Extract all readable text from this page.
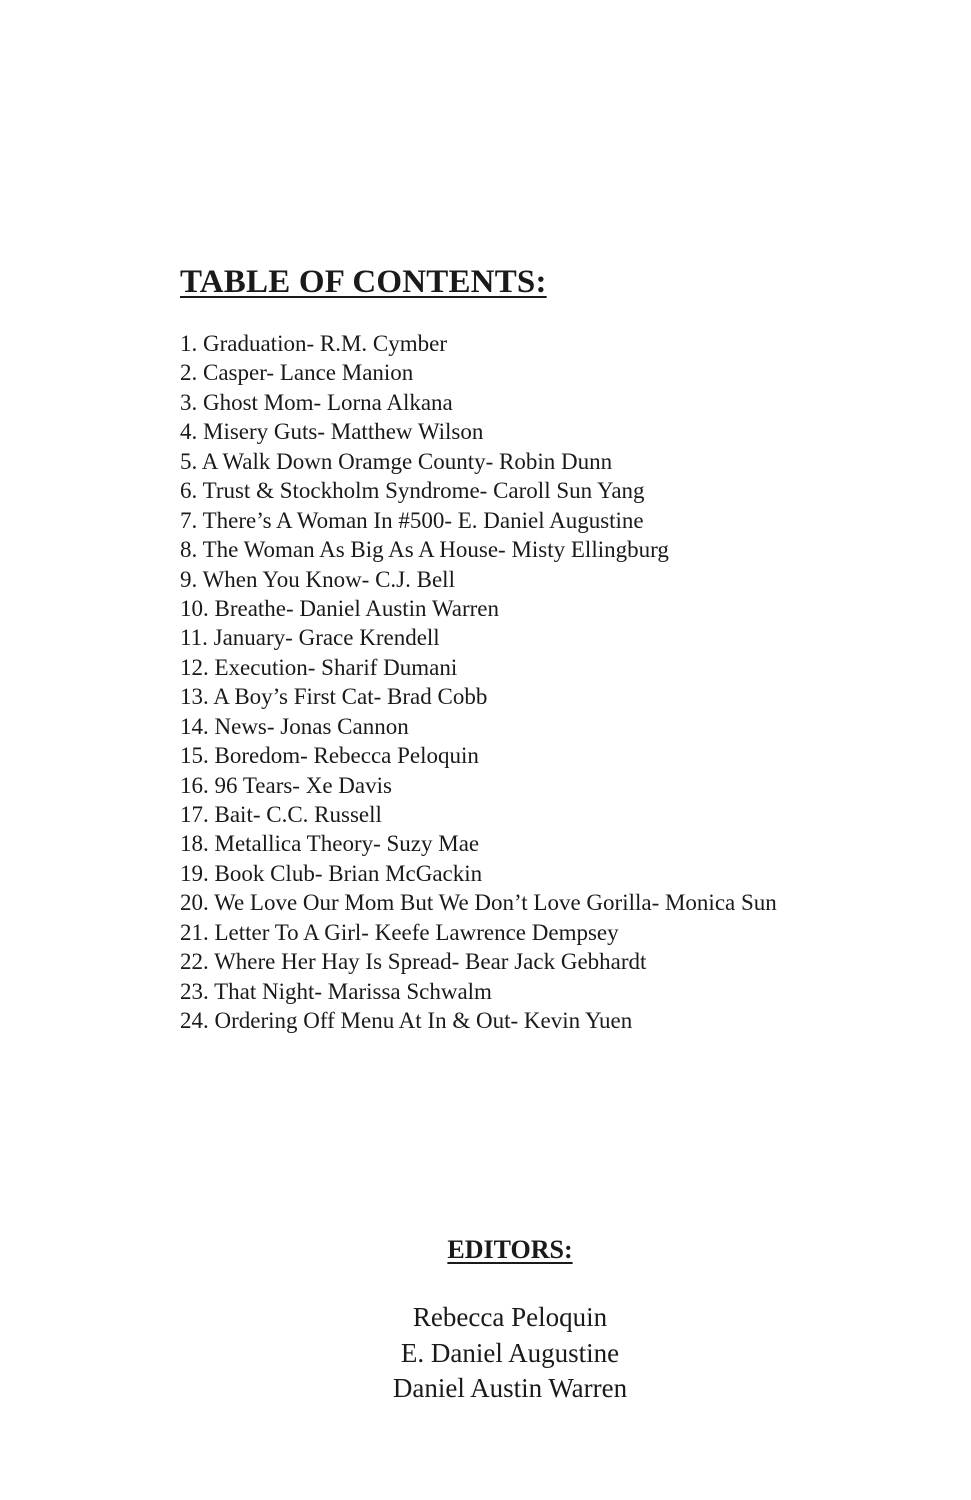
TABLE OF CONTENTS:
1. Graduation- R.M. Cymber
2. Casper- Lance Manion
3. Ghost Mom- Lorna Alkana
4. Misery Guts- Matthew Wilson
5. A Walk Down Oramge County- Robin Dunn
6. Trust & Stockholm Syndrome- Caroll Sun Yang
7. There’s A Woman In #500- E. Daniel Augustine
8. The Woman As Big As A House- Misty Ellingburg
9. When You Know- C.J. Bell
10. Breathe- Daniel Austin Warren
11. January- Grace Krendell
12. Execution- Sharif Dumani
13. A Boy’s First Cat- Brad Cobb
14. News- Jonas Cannon
15. Boredom- Rebecca Peloquin
16. 96 Tears- Xe Davis
17. Bait- C.C. Russell
18. Metallica Theory- Suzy Mae
19. Book Club- Brian McGackin
20. We Love Our Mom But We Don’t Love Gorilla- Monica Sun
21. Letter To A Girl- Keefe Lawrence Dempsey
22. Where Her Hay Is Spread- Bear Jack Gebhardt
23. That Night- Marissa Schwalm
24. Ordering Off Menu At In & Out- Kevin Yuen
EDITORS:
Rebecca Peloquin
E. Daniel Augustine
Daniel Austin Warren
